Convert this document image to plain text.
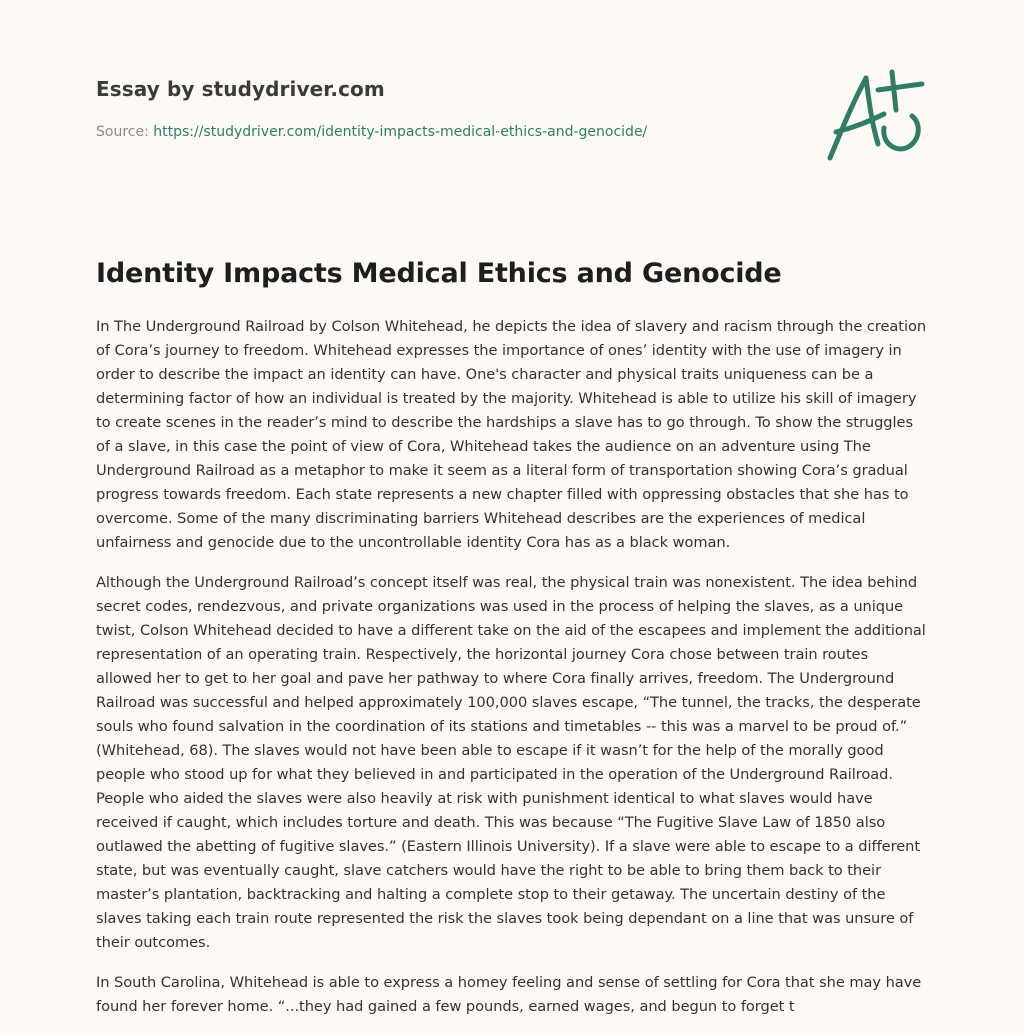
Essay by studydriver.com
Source: https://studydriver.com/identity-impacts-medical-ethics-and-genocide/
Identity Impacts Medical Ethics and Genocide

In The Underground Railroad by Colson Whitehead, he depicts the idea of slavery and racism through the creation of Cora’s journey to freedom. Whitehead expresses the importance of ones’ identity with the use of imagery in order to describe the impact an identity can have. One's character and physical traits uniqueness can be a determining factor of how an individual is treated by the majority. Whitehead is able to utilize his skill of imagery to create scenes in the reader’s mind to describe the hardships a slave has to go through. To show the struggles of a slave, in this case the point of view of Cora, Whitehead takes the audience on an adventure using The Underground Railroad as a metaphor to make it seem as a literal form of transportation showing Cora’s gradual progress towards freedom. Each state represents a new chapter filled with oppressing obstacles that she has to overcome. Some of the many discriminating barriers Whitehead describes are the experiences of medical unfairness and genocide due to the uncontrollable identity Cora has as a black woman.

Although the Underground Railroad’s concept itself was real, the physical train was nonexistent. The idea behind secret codes, rendezvous, and private organizations was used in the process of helping the slaves, as a unique twist, Colson Whitehead decided to have a different take on the aid of the escapees and implement the additional representation of an operating train. Respectively, the horizontal journey Cora chose between train routes allowed her to get to her goal and pave her pathway to where Cora finally arrives, freedom. The Underground Railroad was successful and helped approximately 100,000 slaves escape, “The tunnel, the tracks, the desperate souls who found salvation in the coordination of its stations and timetables -- this was a marvel to be proud of.” (Whitehead, 68). The slaves would not have been able to escape if it wasn’t for the help of the morally good people who stood up for what they believed in and participated in the operation of the Underground Railroad. People who aided the slaves were also heavily at risk with punishment identical to what slaves would have received if caught, which includes torture and death. This was because “The Fugitive Slave Law of 1850 also outlawed the abetting of fugitive slaves.” (Eastern Illinois University). If a slave were able to escape to a different state, but was eventually caught, slave catchers would have the right to be able to bring them back to their master’s plantation, backtracking and halting a complete stop to their getaway. The uncertain destiny of the slaves taking each train route represented the risk the slaves took being dependant on a line that was unsure of their outcomes.

In South Carolina, Whitehead is able to express a homey feeling and sense of settling for Cora that she may have found her forever home. “...they had gained a few pounds, earned wages, and begun to forget t
